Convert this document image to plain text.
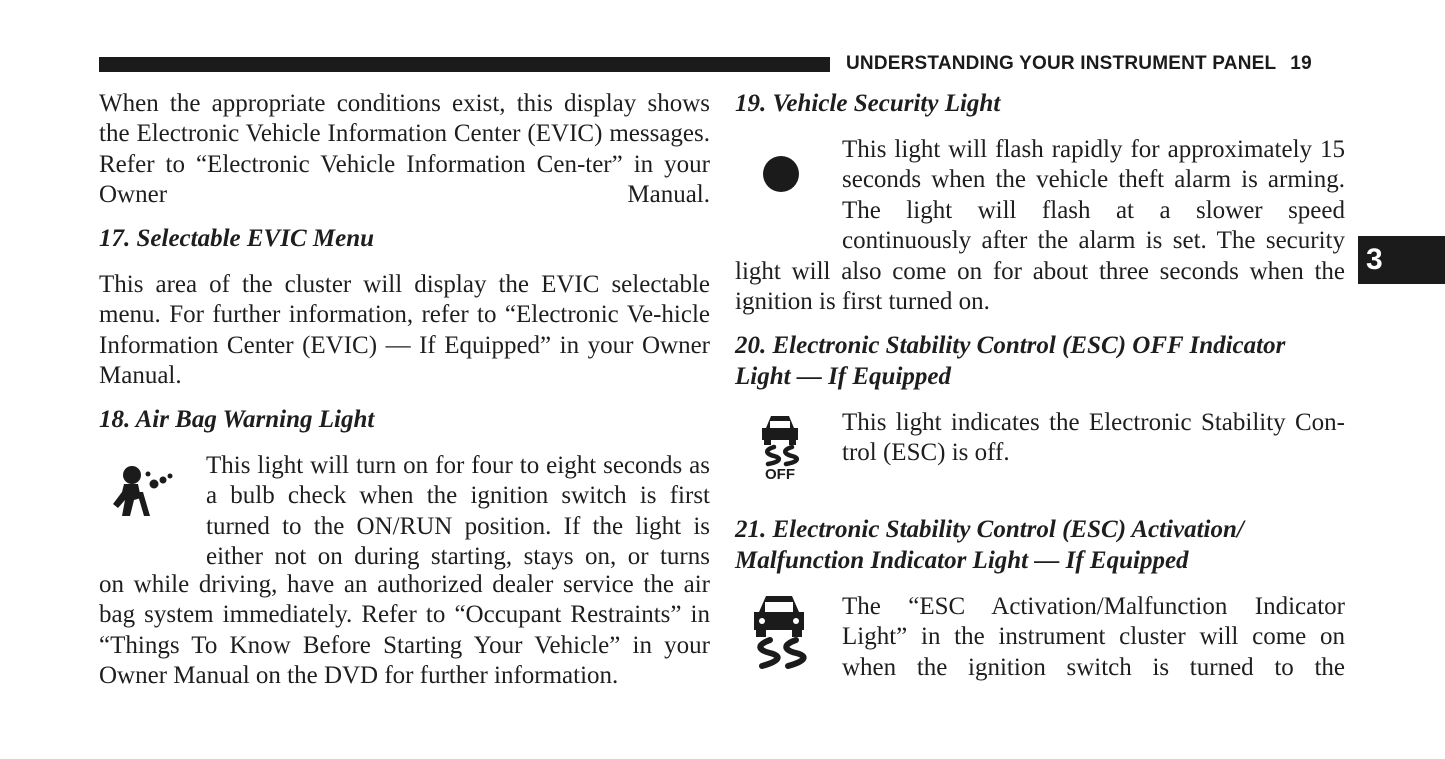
UNDERSTANDING YOUR INSTRUMENT PANEL 19
3

When the appropriate conditions exist, this display shows the Electronic Vehicle Information Center (EVIC) messages. Refer to “Electronic Vehicle Information Cen-ter” in your Owner Manual.

17. Selectable EVIC Menu

This area of the cluster will display the EVIC selectable menu. For further information, refer to “Electronic Ve-hicle Information Center (EVIC) — If Equipped” in your Owner Manual.

18. Air Bag Warning Light

This light will turn on for four to eight seconds as a bulb check when the ignition switch is first turned to the ON/RUN position. If the light is either not on during starting, stays on, or turns

on while driving, have an authorized dealer service the air bag system immediately. Refer to “Occupant Restraints” in “Things To Know Before Starting Your Vehicle” in your Owner Manual on the DVD for further information.

19. Vehicle Security Light

This light will flash rapidly for approximately 15 seconds when the vehicle theft alarm is arming. The light will flash at a slower speed continuously after the alarm is set. The security

light will also come on for about three seconds when the ignition is first turned on.

20. Electronic Stability Control (ESC) OFF Indicator

Light — If Equipped

OFF

This light indicates the Electronic Stability Con-trol (ESC) is off.

21. Electronic Stability Control (ESC) Activation/

Malfunction Indicator Light — If Equipped

The “ESC Activation/Malfunction Indicator Light” in the instrument cluster will come on when the ignition switch is turned to the
